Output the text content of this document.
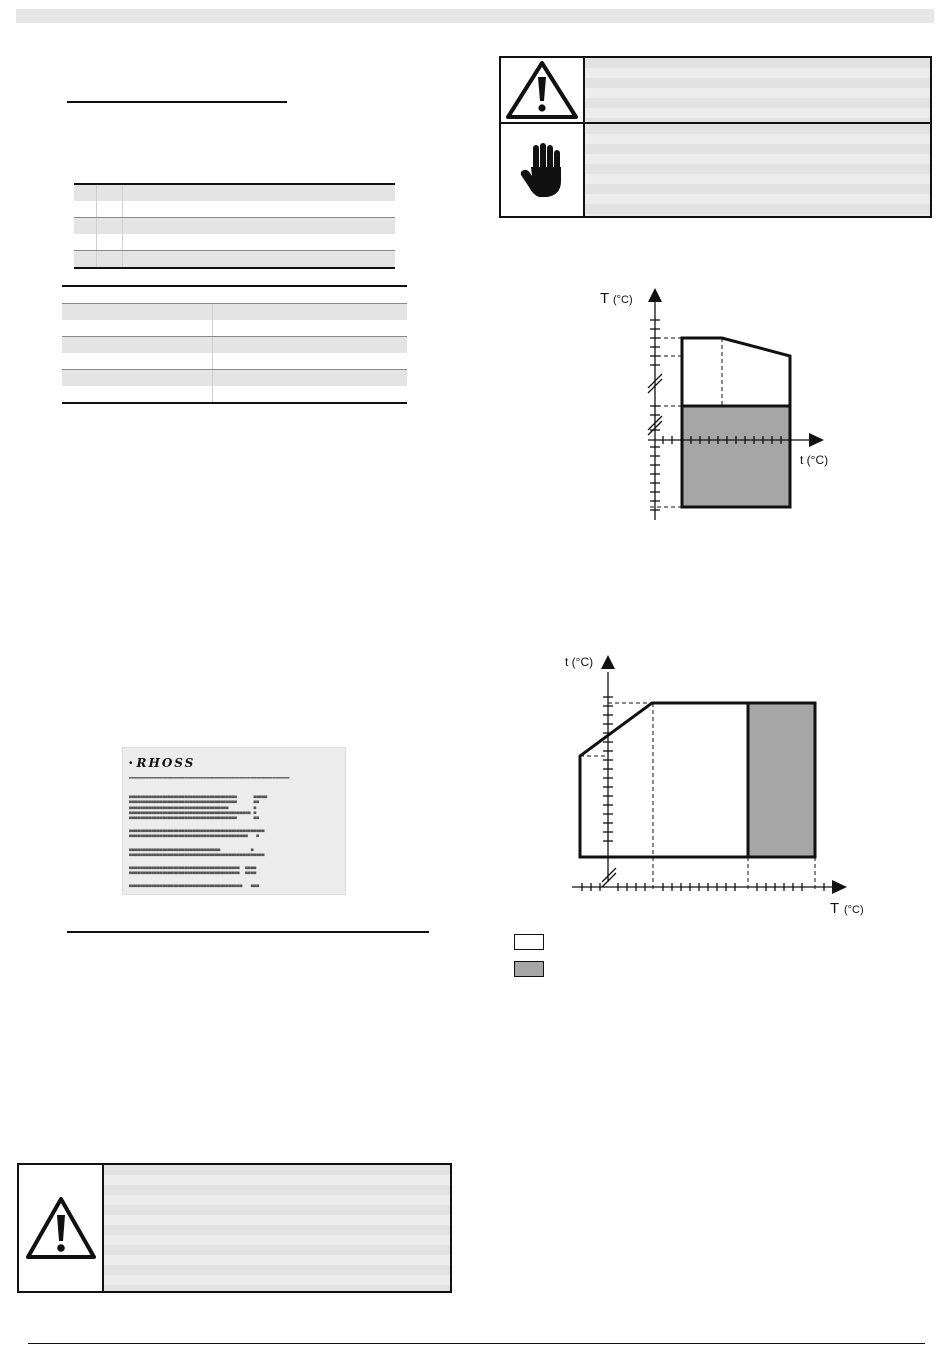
• RHOSS
▬▬▬▬▬▬▬▬▬▬▬▬▬▬▬▬▬▬▬▬▬▬▬▬▬▬▬▬▬▬▬▬▬▬▬▬▬▬▬▬▬▬▬▬▬▬▬▬▬▬▬▬▬▬▬▬▬▬
■■■■■■■■■■■■■■■■■■■■■■■■■■■■■■■■■■■■■■■      ■■■■■
■■■■■■■■■■■■■■■■■■■■■■■■■■■■■■■■■■■■■■■      ■■
■■■■■■■■■■■■■■■■■■■■■■■■■■■■■■■■■■■■         ■
■■■■■■■■■■■■■■■■■■■■■■■■■■■■■■■■■■■■■■■■■■■■ ■
■■■■■■■■■■■■■■■■■■■■■■■■■■■■■■■■■■■■■■■      ■■
■■■■■■■■■■■■■■■■■■■■■■■■■■■■■■■■■■■■■■■■■■■■■■■■■
■■■■■■■■■■■■■■■■■■■■■■■■■■■■■■■■■■■■■■■■■■■   ■
■■■■■■■■■■■■■■■■■■■■■■■■■■■■■■■■■           ■
■■■■■■■■■■■■■■■■■■■■■■■■■■■■■■■■■■■■■■■■■■■■■■■■■
■■■■■■■■■■■■■■■■■■■■■■■■■■■■■■■■■■■■■■■■  ■■■■
■■■■■■■■■■■■■■■■■■■■■■■■■■■■■■■■■■■■■■■■  ■■■■
■■■■■■■■■■■■■■■■■■■■■■■■■■■■■■■■■■■■■■■■■   ■■■
T (°C)
t (°C)
t (°C)
T (°C)
